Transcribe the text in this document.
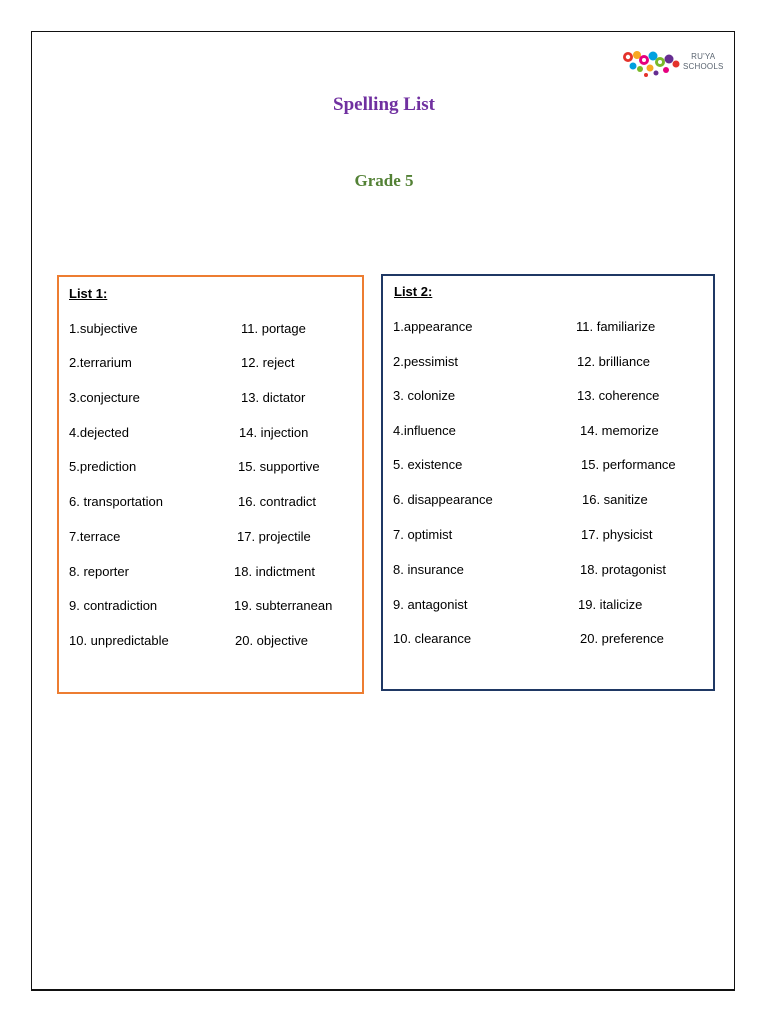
RU'YA
SCHOOLS
Spelling List
Grade 5
List 1:	List 2:
1.subjective
2.terrarium
3.conjecture
4.dejected
5.prediction
6. transportation
7.terrace
8. reporter
9. contradiction
10. unpredictable
11. portage
12. reject
13. dictator
14. injection
15. supportive
16. contradict
17. projectile
18. indictment
19. subterranean
20. objective
1.appearance
2.pessimist
3. colonize
4.influence
5. existence
6. disappearance
7. optimist
8. insurance
9. antagonist
10. clearance
11. familiarize
12. brilliance
13. coherence
14. memorize
15. performance
16. sanitize
17. physicist
18. protagonist
19. italicize
20. preference
